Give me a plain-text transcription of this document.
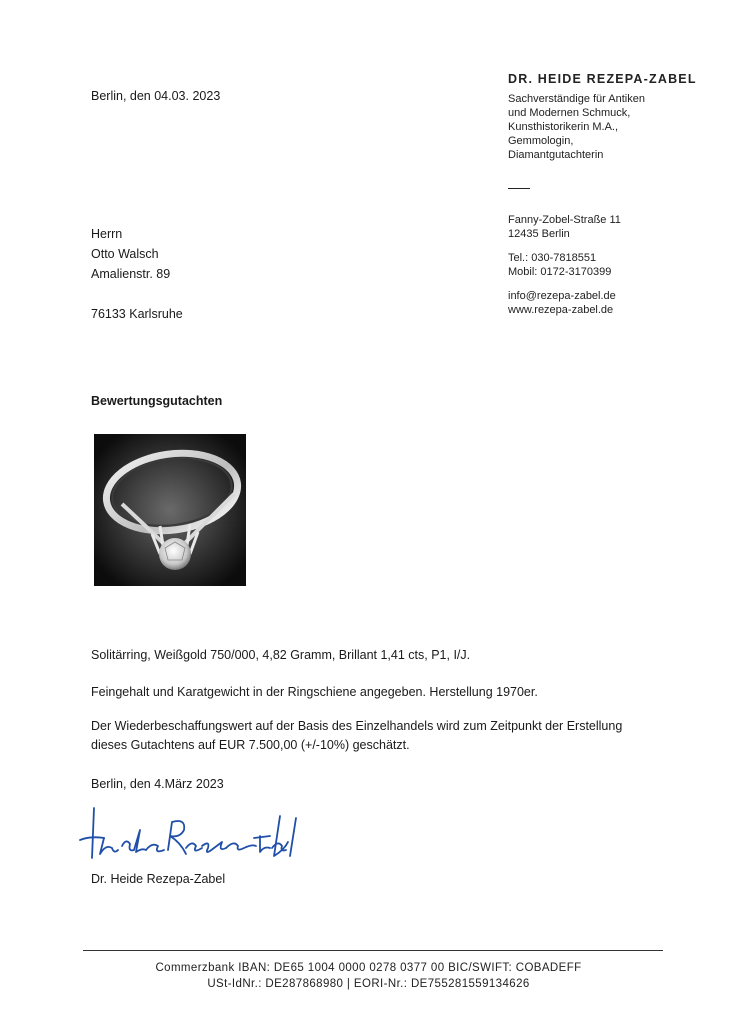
Berlin, den 04.03. 2023
DR. HEIDE REZEPA-ZABEL
Sachverständige für Antiken
und Modernen Schmuck,
Kunsthistorikerin M.A.,
Gemmologin,
Diamantgutachterin
Fanny-Zobel-Straße 11
12435 Berlin
Tel.: 030-7818551
Mobil: 0172-3170399
info@rezepa-zabel.de
www.rezepa-zabel.de
Herrn
Otto Walsch
Amalienstr. 89
76133 Karlsruhe
Bewertungsgutachten
Solitärring, Weißgold 750/000, 4,82 Gramm, Brillant 1,41 cts, P1, I/J.
Feingehalt und Karatgewicht in der Ringschiene angegeben. Herstellung 1970er.
Der Wiederbeschaffungswert auf der Basis des Einzelhandels wird zum Zeitpunkt der Erstellung
dieses Gutachtens auf EUR 7.500,00 (+/-10%) geschätzt.
Berlin, den 4.März 2023
Dr. Heide Rezepa-Zabel
Commerzbank IBAN: DE65 1004 0000 0278 0377 00 BIC/SWIFT: COBADEFF
USt-IdNr.: DE287868980 | EORI-Nr.: DE755281559134626
